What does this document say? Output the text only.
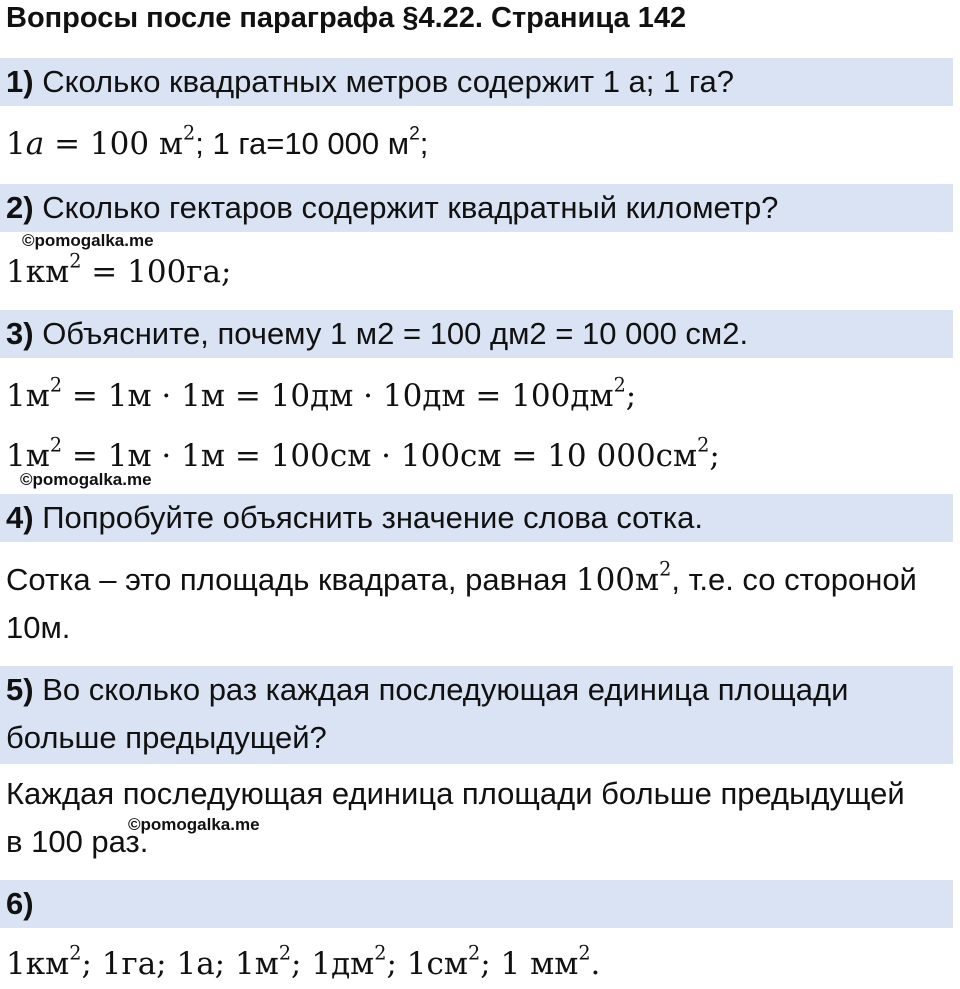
Вопросы после параграфа §4.22. Страница 142
1) Сколько квадратных метров содержит 1 а; 1 га?
1a = 100 $м^2$; 1 га=10 000 $м^2$;
2) Сколько гектаров содержит квадратный километр?
©pomogalka.me
$1км^2 = 100га$;
3) Объясните, почему 1 м2 = 100 дм2 = 10 000 см2.
$1м^2 = 1м \cdot 1м = 10дм \cdot 10дм = 100дм^2$;
$1м^2 = 1м \cdot 1м = 100см \cdot 100см = 10$ $000см^2$;
©pomogalka.me
4) Попробуйте объяснить значение слова сотка.
Сотка – это площадь квадрата, равная $100м^2$, т.е. со стороной
10м.
5) Во сколько раз каждая последующая единица площади
больше предыдущей?
Каждая последующая единица площади больше предыдущей
в 100 раз.
©pomogalka.me
6)
$1км^2$; 1га; 1а; $1м^2$; $1дм^2$; $1см^2$; 1 $мм^2$.
